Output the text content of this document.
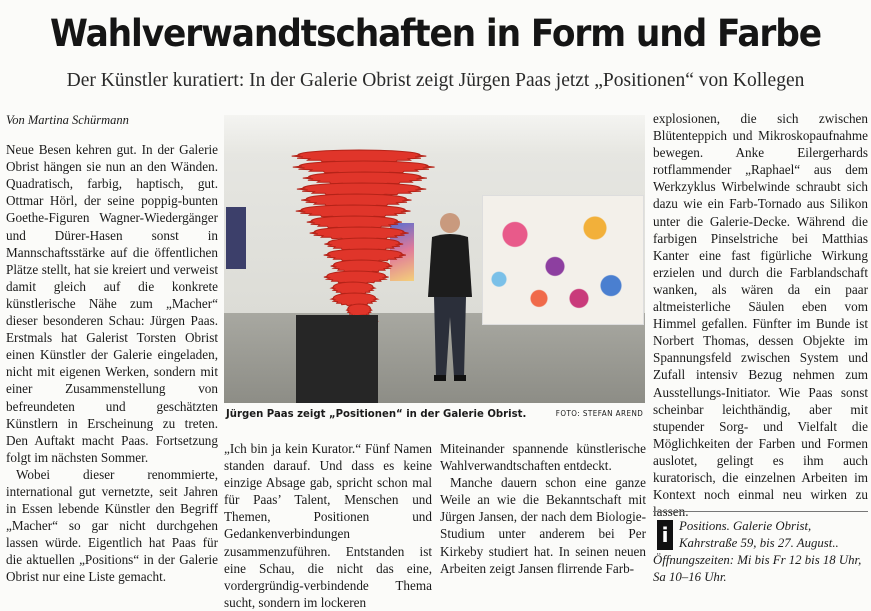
Wahlverwandtschaften in Form und Farbe
Der Künstler kuratiert: In der Galerie Obrist zeigt Jürgen Paas jetzt „Positionen“ von Kollegen
Von Martina Schürmann

Neue Besen kehren gut. In der Galerie Obrist hängen sie nun an den Wänden. Quadratisch, farbig, haptisch, gut. Ottmar Hörl, der seine poppig-bunten Goethe-Figuren Wagner-Wiedergänger und Dürer-Hasen sonst in Mannschaftsstärke auf die öffentlichen Plätze stellt, hat sie kreiert und verweist damit gleich auf die konkrete künstlerische Nähe zum „Macher“ dieser besonderen Schau: Jürgen Paas. Erstmals hat Galerist Torsten Obrist einen Künstler der Galerie eingeladen, nicht mit eigenen Werken, sondern mit einer Zusammenstellung von befreundeten und geschätzten Künstlern in Erscheinung zu treten. Den Auftakt macht Paas. Fortsetzung folgt im nächsten Sommer.

Wobei dieser renommierte, international gut vernetzte, seit Jahren in Essen lebende Künstler den Begriff „Macher“ so gar nicht durchgehen lassen würde. Eigentlich hat Paas für die aktuellen „Positions“ in der Galerie Obrist nur eine Liste gemacht.

Jürgen Paas zeigt „Positionen“ in der Galerie Obrist.	FOTO: STEFAN AREND

„Ich bin ja kein Kurator.“ Fünf Namen standen darauf. Und dass es keine einzige Absage gab, spricht schon mal für Paas’ Talent, Menschen und Themen, Positionen und Gedankenverbindungen zusammenzuführen. Entstanden ist eine Schau, die nicht das eine, vordergründig-verbindende Thema sucht, sondern im lockeren

Miteinander spannende künstlerische Wahlverwandtschaften entdeckt.

Manche dauern schon eine ganze Weile an wie die Bekanntschaft mit Jürgen Jansen, der nach dem Biologie-Studium unter anderem bei Per Kirkeby studiert hat. In seinen neuen Arbeiten zeigt Jansen flirrende Farb-

explosionen, die sich zwischen Blütenteppich und Mikroskopaufnahme bewegen. Anke Eilergerhards rotflammender „Raphael“ aus dem Werkzyklus Wirbelwinde schraubt sich dazu wie ein Farb-Tornado aus Silikon unter die Galerie-Decke. Während die farbigen Pinselstriche bei Matthias Kanter eine fast figürliche Wirkung erzielen und durch die Farblandschaft wanken, als wären da ein paar altmeisterliche Säulen eben vom Himmel gefallen. Fünfter im Bunde ist Norbert Thomas, dessen Objekte im Spannungsfeld zwischen System und Zufall intensiv Bezug nehmen zum Ausstellungs-Initiator. Wie Paas sonst scheinbar leichthändig, aber mit stupender Sorg- und Vielfalt die Möglichkeiten der Farben und Formen auslotet, gelingt es ihm auch kuratorisch, die einzelnen Arbeiten im Kontext noch einmal neu wirken zu lassen.

i Positions. Galerie Obrist, Kahrstraße 59, bis 27. August.. Öffnungszeiten: Mi bis Fr 12 bis 18 Uhr, Sa 10–16 Uhr.
